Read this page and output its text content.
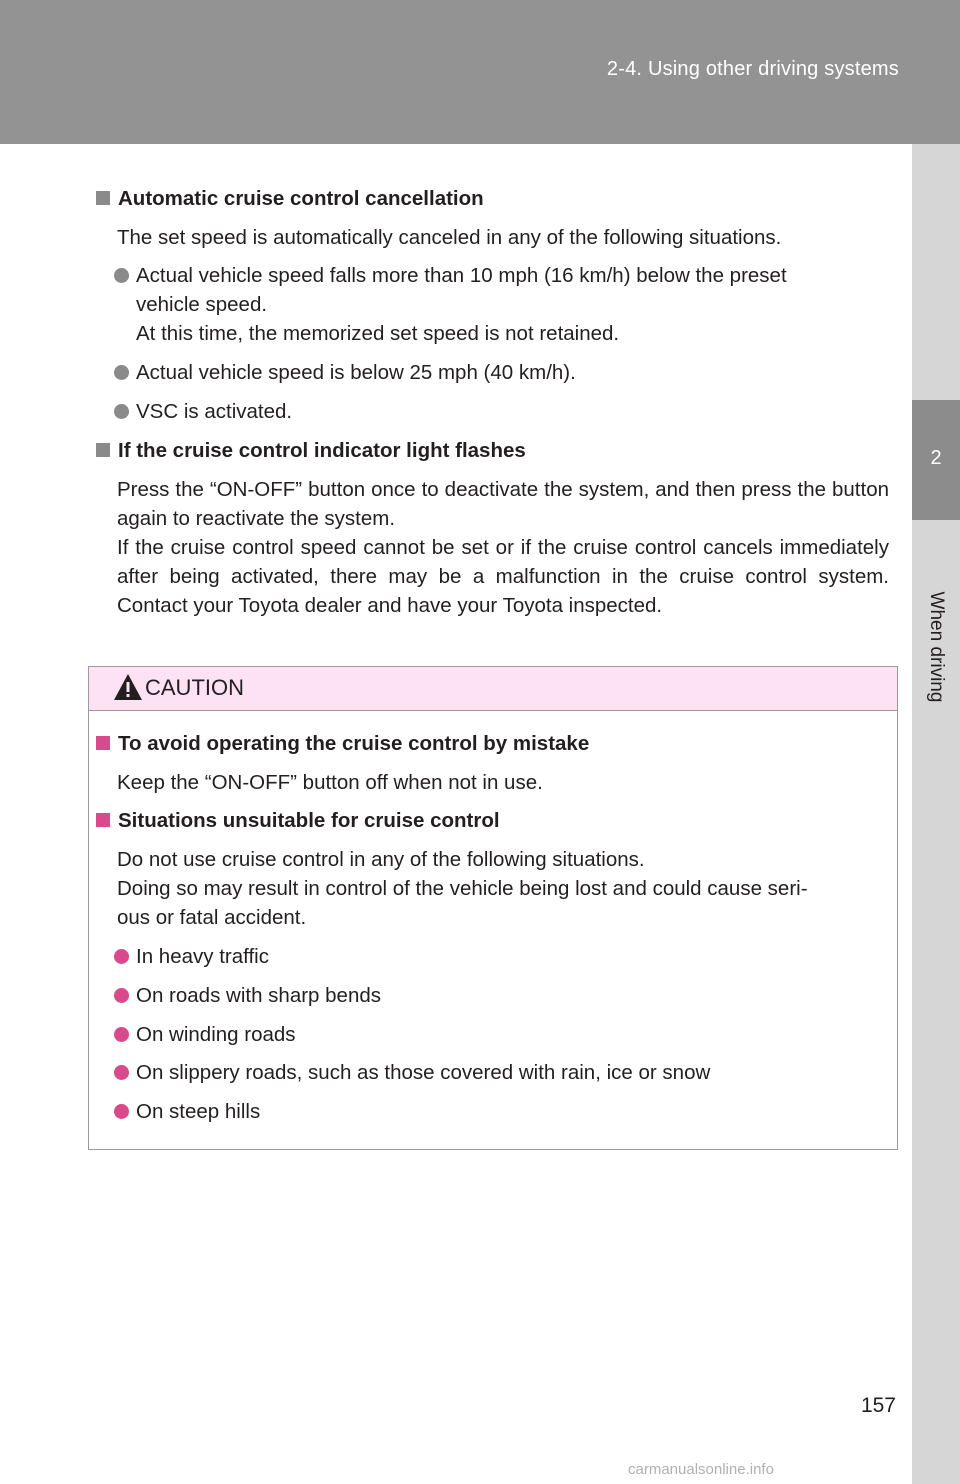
2-4. Using other driving systems
2
When driving
Automatic cruise control cancellation
The set speed is automatically canceled in any of the following situations.
Actual vehicle speed falls more than 10 mph (16 km/h) below the preset
vehicle speed.
At this time, the memorized set speed is not retained.
Actual vehicle speed is below 25 mph (40 km/h).
VSC is activated.
If the cruise control indicator light flashes
Press the “ON-OFF” button once to deactivate the system, and then press the button again to reactivate the system.
If the cruise control speed cannot be set or if the cruise control cancels immediately after being activated, there may be a malfunction in the cruise control system. Contact your Toyota dealer and have your Toyota inspected.
CAUTION
To avoid operating the cruise control by mistake
Keep the “ON-OFF” button off when not in use.
Situations unsuitable for cruise control
Do not use cruise control in any of the following situations.
Doing so may result in control of the vehicle being lost and could cause seri-
ous or fatal accident.
In heavy traffic
On roads with sharp bends
On winding roads
On slippery roads, such as those covered with rain, ice or snow
On steep hills
157
carmanualsonline.info
